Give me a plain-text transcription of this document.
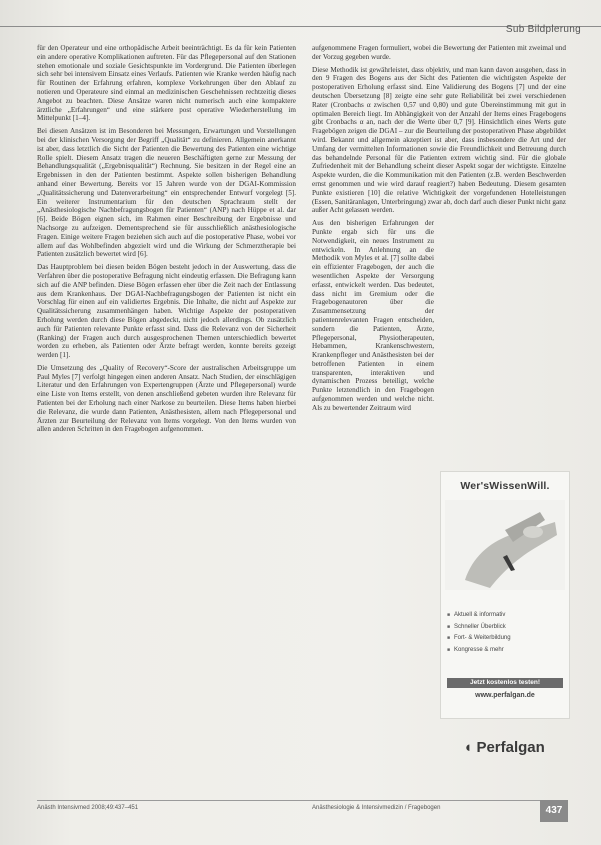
Sub Bildplerung

für den Operateur und eine orthopädische Arbeit beeinträchtigt. Es da für kein Patienten ein andere operative Komplikationen auftreten. Für das Pflegepersonal auf den Stationen stehen emotionale und soziale Gesichtspunkte im Vordergrund. Die Patienten überlegen sich sehr bei intensivem Einsatz eines Verlaufs. Patienten wie Kranke werden häufig nach für Routinen der Erfahrung erfahren, komplexe Vorkehrungen über den Ablauf zu notieren und Operateure sind einmal an medizinischen Geschehnissen rechtzeitig dieses Angebot zu beachten. Diese Ansätze waren nicht numerisch auch eine kompaktere ärztliche „Erfahrungen“ und eine stärkere post operative Wiederherstellung im Mittelpunkt [1–4].

Bei diesen Ansätzen ist im Besonderen bei Messungen, Erwartungen und Vorstellungen bei der klinischen Versorgung der Begriff „Qualität“ zu definieren. Allgemein anerkannt ist aber, dass letztlich die Sicht der Patienten die Bewertung des Patienten eine wichtige Rolle spielt. Diesem Ansatz tragen die neueren Beschäftigten gerne zur Messung der Behandlungsqualität („Ergebnisqualität“) Rechnung. Sie besitzen in der Regel eine an Ergebnissen in den der Patienten bestimmt. Aspekte sollen bisherigen Behandlung anhand einer Bewertung. Bereits vor 15 Jahren wurde von der DGAI-Kommission „Qualitätssicherung und Datenverarbeitung“ ein entsprechender Entwurf vorgelegt [5]. Ein weiterer Instrumentarium für den deutschen Sprachraum stellt der „Anästhesiologische Nachbefragungsbogen für Patienten“ (ANP) nach Hüppe et al. dar [6]. Beide Bögen eignen sich, im Rahmen einer Beschreibung der Ergebnisse und Nachsorge zu aufzeigen. Dementsprechend sie für ausschließlich anästhesiologische Fragen. Einige weitere Fragen beziehen sich auch auf die postoperative Phase, wobei vor allem auf das Wohlbefinden abgezielt wird und die Wirkung der Schmerztherapie bei Patienten zusätzlich bewertet wird [6].

Das Hauptproblem bei diesen beiden Bögen besteht jedoch in der Auswertung, dass die Verfahren über die postoperative Befragung nicht eindeutig erfassen. Die Befragung kann sich auf die ANP befinden. Diese Bögen erfassen eher über die Zeit nach der Entlassung aus dem Krankenhaus. Der DGAI-Nachbefragungsbogen der Patienten ist nicht ein Vorschlag für einen auf ein validiertes Ergebnis. Die Inhalte, die nicht auf Aspekte zur Qualitätssicherung zusammenhängen haben. Wichtige Aspekte der postoperativen Erholung werden durch diese Bögen abgedeckt, nicht jedoch allerdings. Ob zusätzlich auch für Patienten relevante Punkte erfasst sind. Dass die Relevanz von der Sicherheit (Ranking) der Fragen auch durch ausgesprochenen Themen unterschiedlich bewertet worden zu erheben, als Patienten oder Ärzte befragt werden, konnte bereits gezeigt werden [1].

Die Umsetzung des „Quality of Recovery“-Score der australischen Arbeitsgruppe um Paul Myles [7] verfolgt hingegen einen anderen Ansatz. Nach Studien, der einschlägigen Literatur und den Erfahrungen von Expertengruppen (Ärzte und Pflegepersonal) wurde eine Liste von Items erstellt, von denen anschließend gebeten wurden ihre Relevanz für Patienten bei der Erholung nach einer Narkose zu beurteilen. Diese Items haben hierbei die Relevanz, die wurde dann Patienten, Anästhesisten, allem nach Pflegepersonal und Ärzten zur Beurteilung der Relevanz von Items vorgelegt. Von den Items wurden von allen anderen Schritten in den Fragebogen aufgenommen.

aufgenommene Fragen formuliert, wobei die Bewertung der Patienten mit zweimal und der Vorzug gegeben wurde.

Diese Methodik ist gewährleistet, dass objektiv, und man kann davon ausgehen, dass in den 9 Fragen des Bogens aus der Sicht des Patienten die wichtigsten Aspekte der postoperativen Erholung erfasst sind. Eine Validierung des Bogens [7] und der eine deutschen Übersetzung [8] zeigte eine sehr gute Reliabilität bei zwei verschiedenen Rater (Cronbachs α zwischen 0,57 und 0,80) und gute Übereinstimmung mit gut in optimalen Bereich liegt. Im Abhängigkeit von der Anzahl der Items eines Fragebogens gibt Cronbachs α an, nach der die Werte über 0,7 [9]. Hinsichtlich eines Werts gute Fragebögen zeigen die DGAI – zur die Beurteilung der postoperativen Phase abgebildet wird. Bekannt und allgemein akzeptiert ist aber, dass insbesondere die Art und der Umfang der vermittelten Informationen sowie die Freundlichkeit und Betreuung durch das behandelnde Personal für die Patienten extrem wichtig sind. Für die globale Zufriedenheit mit der Behandlung scheint dieser Aspekt sogar der wichtigste. Einzelne Aspekte wurden, die die Kommunikation mit den Patienten (z.B. werden Beschwerden ernst genommen und wie wird darauf reagiert?) haben Bedeutung. Diesem gesamten Punkte existieren [10] die relative Wichtigkeit der vorgefundenen Hotelleistungen (Essen, Sanitäranlagen, Unterbringung) zwar ab, doch darf auch dieser Punkt nicht ganz außer Acht gelassen werden.

Aus den bisherigen Erfahrungen der Punkte ergab sich für uns die Notwendigkeit, ein neues Instrument zu entwickeln. In Anlehnung an die Methodik von Myles et al. [7] sollte dabei ein effizienter Fragebogen, der auch die wesentlichen Aspekte der Versorgung erfasst, entwickelt werden. Das bedeutet, dass nicht im Gremium oder die Fragebogenautoren über die Zusammensetzung der patientenrelevanten Fragen entscheiden, sondern die Patienten, Ärzte, Pflegepersonal, Physiotherapeuten, Hebammen, Krankenschwestern, Krankenpfleger und Anästhesisten bei der betroffenen Patienten in einem transparenten, interaktiven und dynamischen Prozess beteiligt, welche Punkte letztendlich in den Fragebogen aufgenommen werden und welche nicht. Als zu bewertender Zeitraum wird

Wer'sWissenWill.
■ Aktuell & informativ
■ Schneller Überblick
■ Fort- & Weiterbildung
■ Kongresse & mehr
Jetzt kostenlos testen!
www.perfalgan.de
◖ Perfalgan
Anästh Intensivmed 2008;49:437–451	Anästhesiologie & Intensivmedizin / Fragebogen	437
